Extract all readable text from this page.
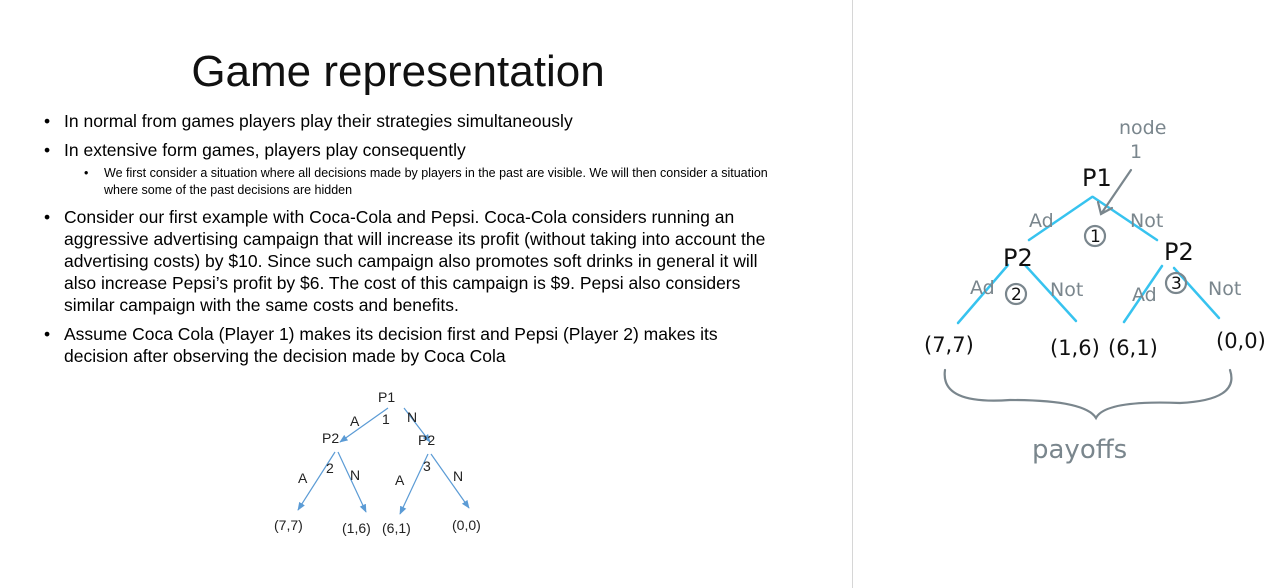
Game representation
• In normal from games players play their strategies simultaneously
• In extensive form games, players play consequently
• We first consider a situation where all decisions made by players in the past are visible. We will then consider a situation where some of the past decisions are hidden
• Consider our first example with Coca-Cola and Pepsi. Coca-Cola considers running an aggressive advertising campaign that will increase its profit (without taking into account the advertising costs) by $10. Since such campaign also promotes soft drinks in general it will also increase Pepsi’s profit by $6. The cost of this campaign is $9. Pepsi also considers similar campaign with the same costs and benefits.
• Assume Coca Cola (Player 1) makes its decision first and Pepsi (Player 2) makes its decision after observing the decision made by Coca Cola
P1
A 1 N
P2	P2
2 N
A
3
A	N
(7,7)	(1,6) (6,1)	(0,0)
node
1
P1
Ad	Not
1
P2	P2
Ad 2 Not	Ad 3 Not
(7,7)	(1,6) (6,1)	(0,0)
payoffs
